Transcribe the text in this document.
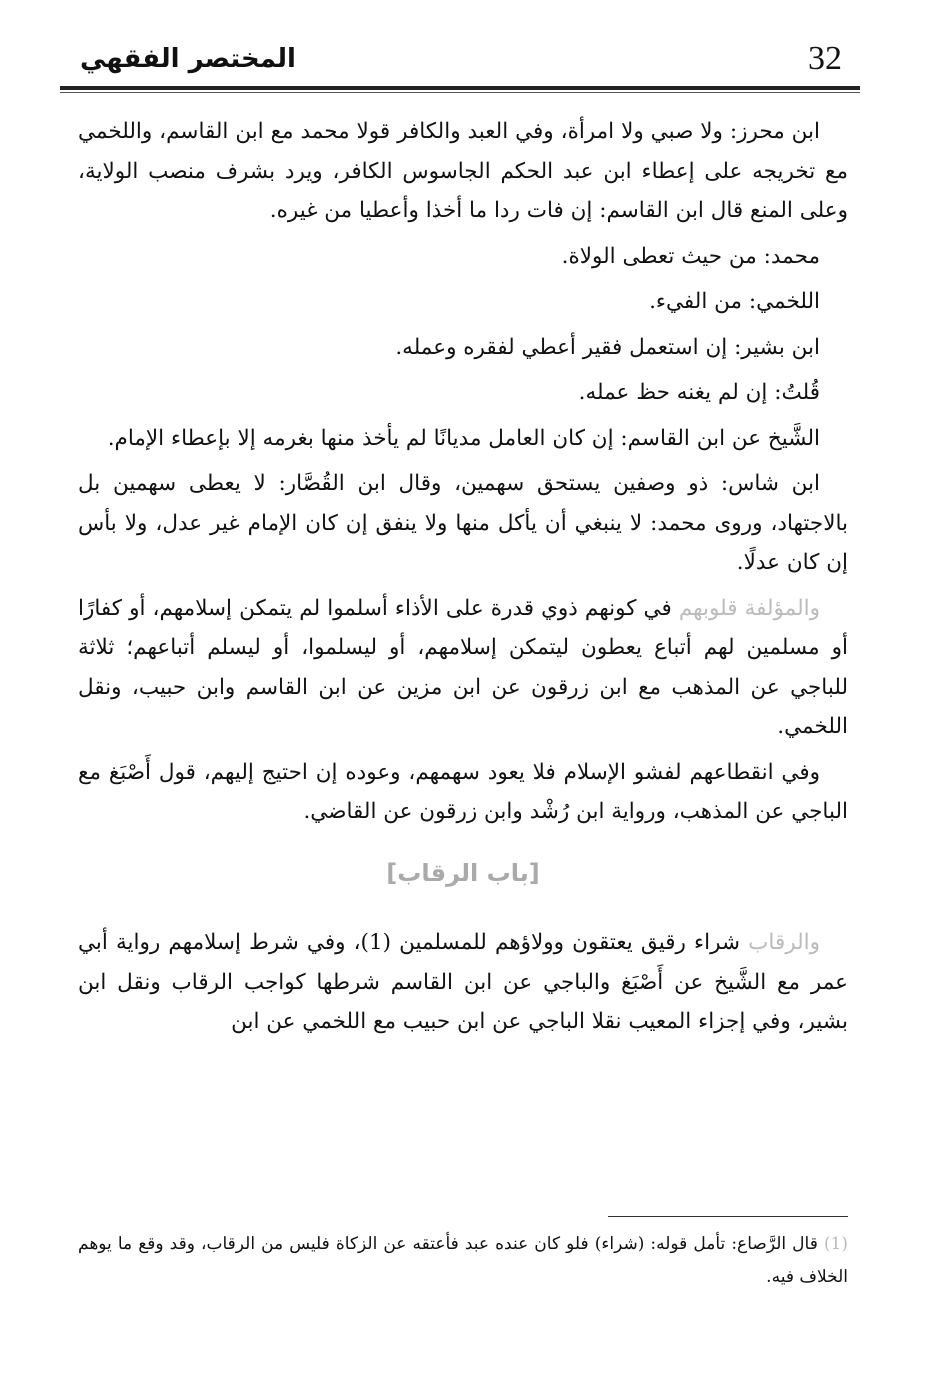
المختصر الفقهي	32

ابن محرز: ولا صبي ولا امرأة، وفي العبد والكافر قولا محمد مع ابن القاسم، واللخمي مع تخريجه على إعطاء ابن عبد الحكم الجاسوس الكافر، ويرد بشرف منصب الولاية، وعلى المنع قال ابن القاسم: إن فات ردا ما أخذا وأعطيا من غيره.

محمد: من حيث تعطى الولاة.

اللخمي: من الفيء.

ابن بشير: إن استعمل فقير أعطي لفقره وعمله.

قُلتُ: إن لم يغنه حظ عمله.

الشَّيخ عن ابن القاسم: إن كان العامل مديانًا لم يأخذ منها بغرمه إلا بإعطاء الإمام.

ابن شاس: ذو وصفين يستحق سهمين، وقال ابن القُصَّار: لا يعطى سهمين بل بالاجتهاد، وروى محمد: لا ينبغي أن يأكل منها ولا ينفق إن كان الإمام غير عدل، ولا بأس إن كان عدلًا.

والمؤلفة قلوبهم في كونهم ذوي قدرة على الأذاء أسلموا لم يتمكن إسلامهم، أو كفارًا أو مسلمين لهم أتباع يعطون ليتمكن إسلامهم، أو ليسلموا، أو ليسلم أتباعهم؛ ثلاثة للباجي عن المذهب مع ابن زرقون عن ابن مزين عن ابن القاسم وابن حبيب، ونقل اللخمي.

وفي انقطاعهم لفشو الإسلام فلا يعود سهمهم، وعوده إن احتيج إليهم، قول أَصْبَغ مع الباجي عن المذهب، ورواية ابن رُشْد وابن زرقون عن القاضي.

[باب الرقاب]

والرقاب شراء رقيق يعتقون وولاؤهم للمسلمين (1)، وفي شرط إسلامهم رواية أبي عمر مع الشَّيخ عن أَصْبَغ والباجي عن ابن القاسم شرطها كواجب الرقاب ونقل ابن بشير، وفي إجزاء المعيب نقلا الباجي عن ابن حبيب مع اللخمي عن ابن

(1) قال الرَّصاع: تأمل قوله: (شراء) فلو كان عنده عبد فأعتقه عن الزكاة فليس من الرقاب، وقد وقع ما يوهم الخلاف فيه.
